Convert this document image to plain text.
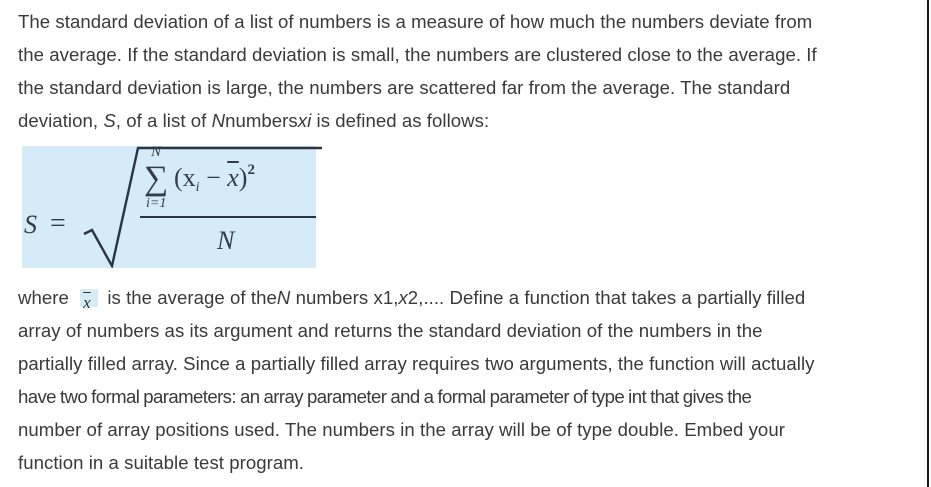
The standard deviation of a list of numbers is a measure of how much the numbers deviate from
the average. If the standard deviation is small, the numbers are clustered close to the average. If
the standard deviation is large, the numbers are scattered far from the average. The standard
deviation, S, of a list of Nnumbersxi is defined as follows:
S =
N
∑
i=1
$(x_i - \overline{x})^2$
N
where $\overline{x}$ is the average of theN numbers x1,x2,.... Define a function that takes a partially filled
array of numbers as its argument and returns the standard deviation of the numbers in the
partially filled array. Since a partially filled array requires two arguments, the function will actually
have two formal parameters: an array parameter and a formal parameter of type int that gives the
number of array positions used. The numbers in the array will be of type double. Embed your
function in a suitable test program.
